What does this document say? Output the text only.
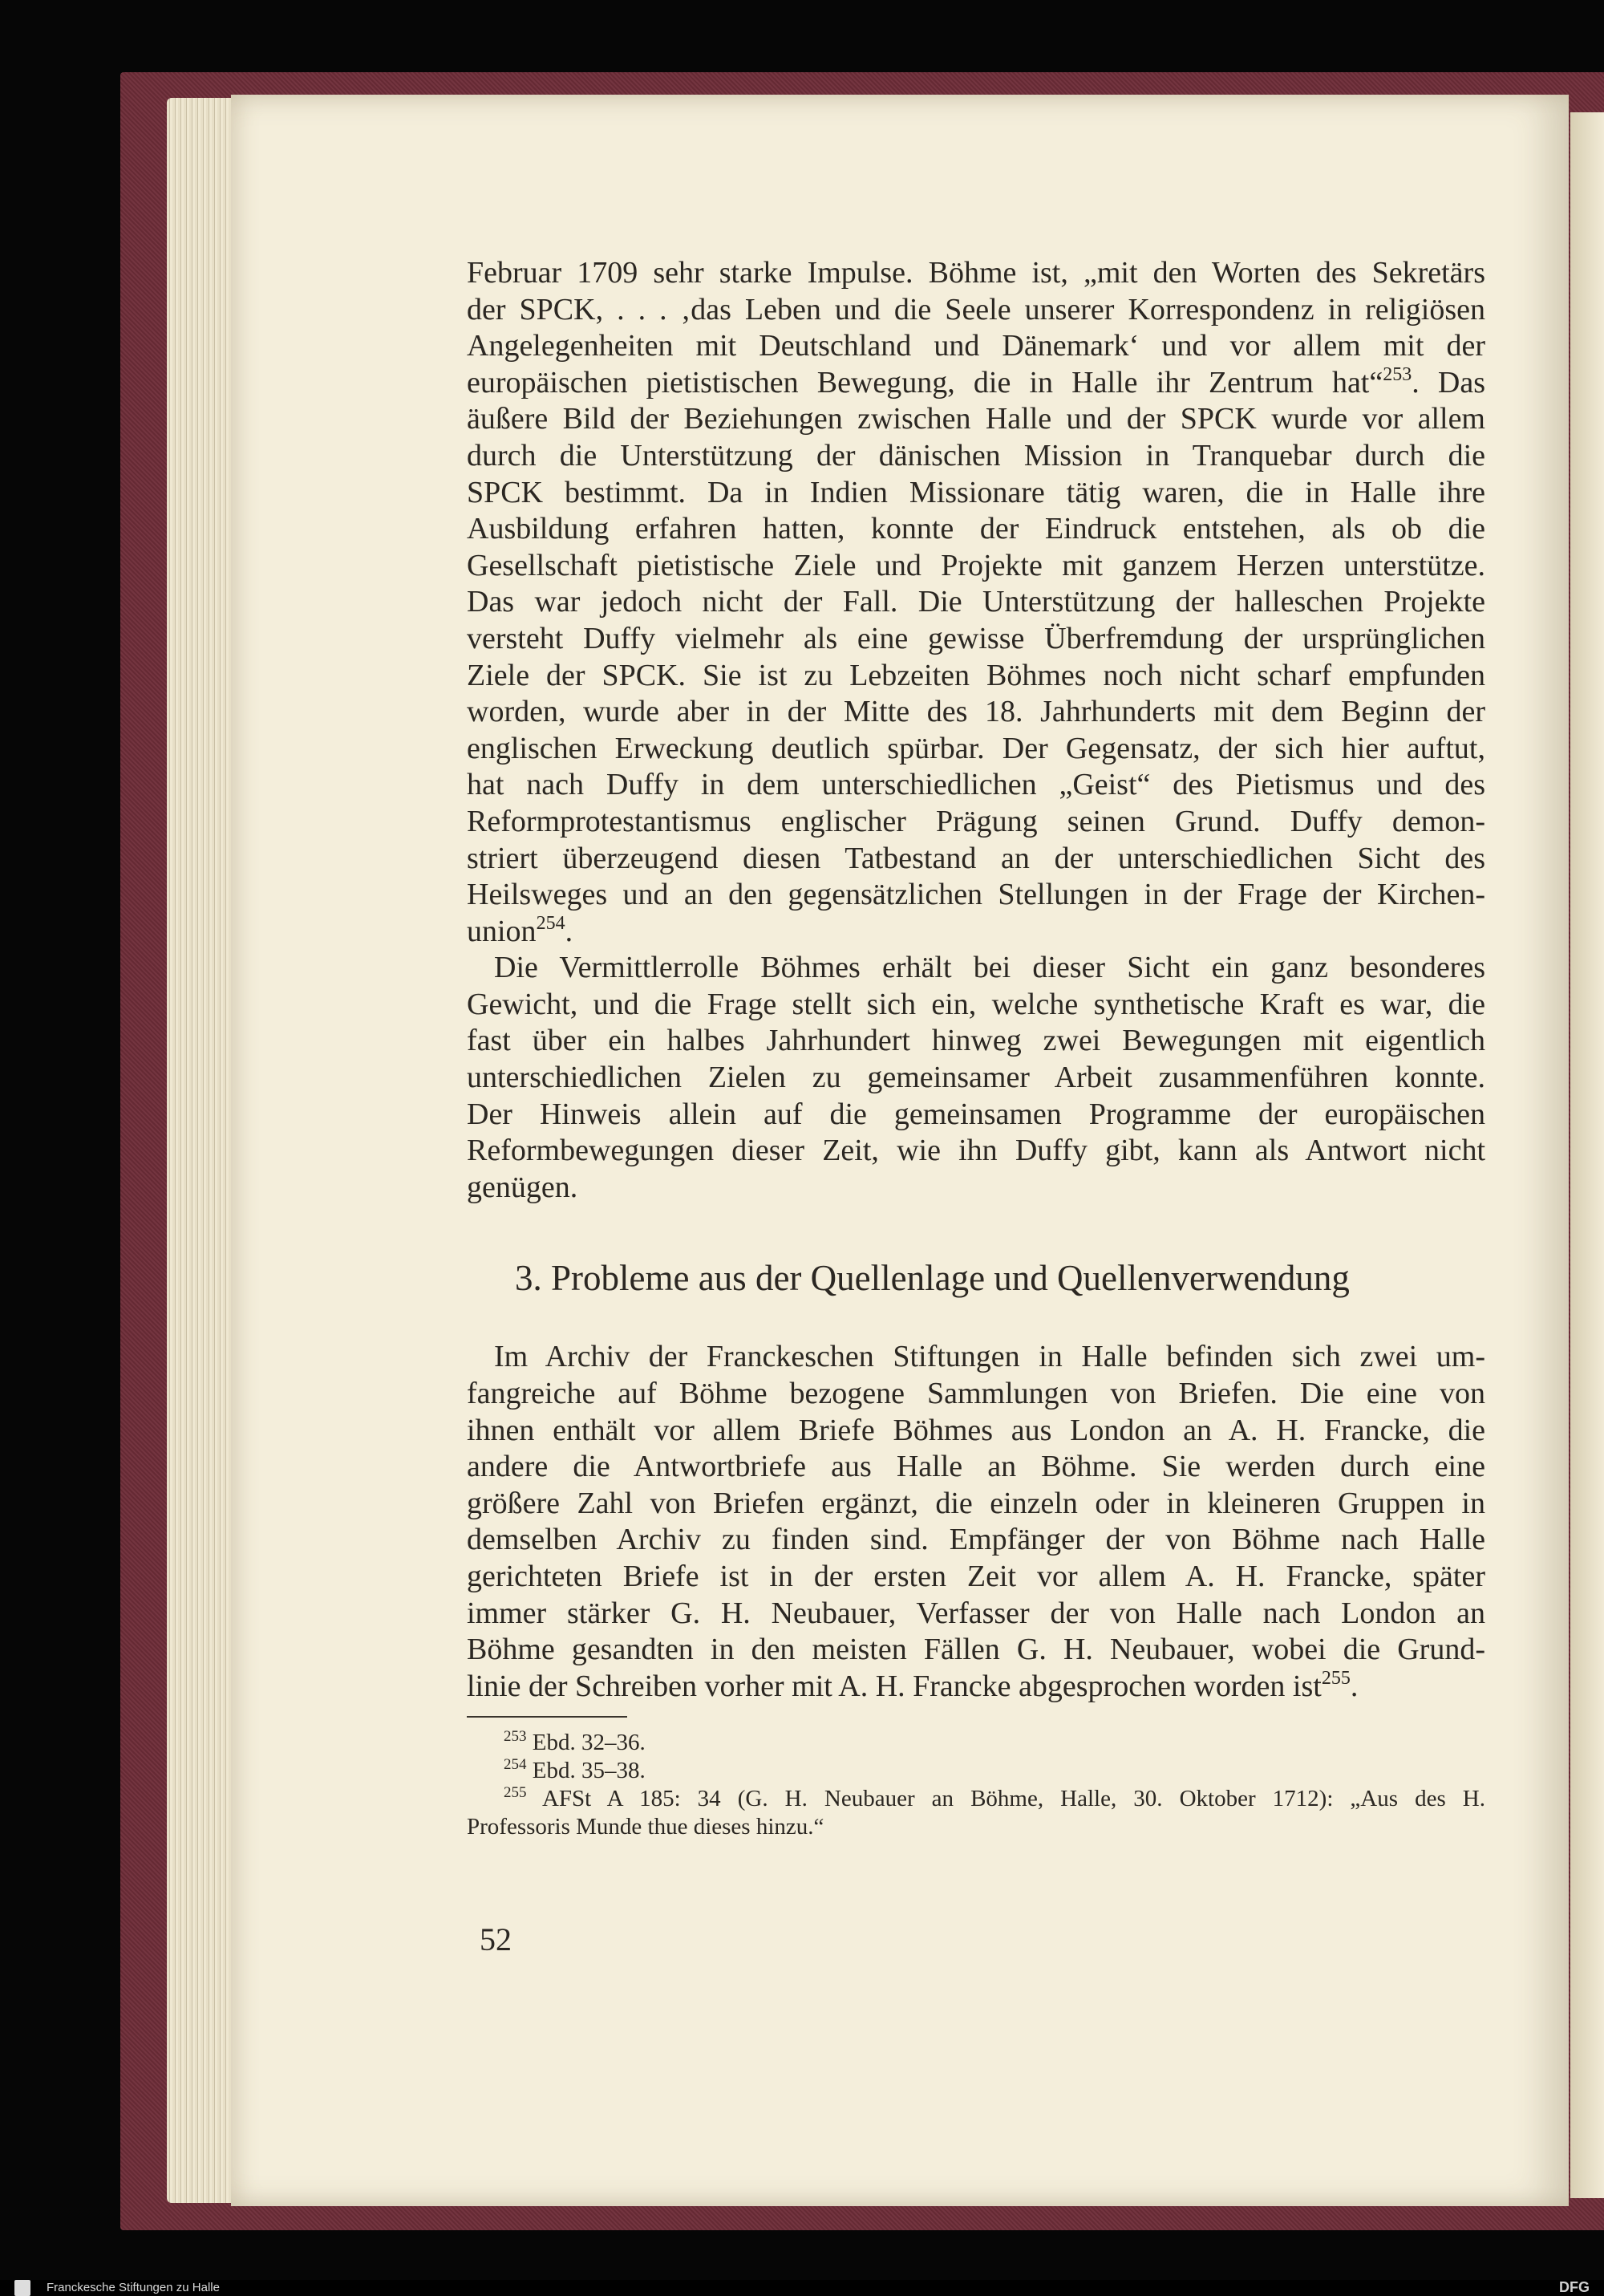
Februar 1709 sehr starke Impulse. Böhme ist, „mit den Worten des Sekretärs
der SPCK, . . . ‚das Leben und die Seele unserer Korrespondenz in religiösen
Angelegenheiten mit Deutschland und Dänemark‘ und vor allem mit der
europäischen pietistischen Bewegung, die in Halle ihr Zentrum hat“$^{253}$. Das
äußere Bild der Beziehungen zwischen Halle und der SPCK wurde vor allem
durch die Unterstützung der dänischen Mission in Tranquebar durch die
SPCK bestimmt. Da in Indien Missionare tätig waren, die in Halle ihre
Ausbildung erfahren hatten, konnte der Eindruck entstehen, als ob die
Gesellschaft pietistische Ziele und Projekte mit ganzem Herzen unterstütze.
Das war jedoch nicht der Fall. Die Unterstützung der halleschen Projekte
versteht Duffy vielmehr als eine gewisse Überfremdung der ursprünglichen
Ziele der SPCK. Sie ist zu Lebzeiten Böhmes noch nicht scharf empfunden
worden, wurde aber in der Mitte des 18. Jahrhunderts mit dem Beginn der
englischen Erweckung deutlich spürbar. Der Gegensatz, der sich hier auftut,
hat nach Duffy in dem unterschiedlichen „Geist“ des Pietismus und des
Reformprotestantismus englischer Prägung seinen Grund. Duffy demon-
striert überzeugend diesen Tatbestand an der unterschiedlichen Sicht des
Heilsweges und an den gegensätzlichen Stellungen in der Frage der Kirchen-
union$^{254}$.
Die Vermittlerrolle Böhmes erhält bei dieser Sicht ein ganz besonderes
Gewicht, und die Frage stellt sich ein, welche synthetische Kraft es war, die
fast über ein halbes Jahrhundert hinweg zwei Bewegungen mit eigentlich
unterschiedlichen Zielen zu gemeinsamer Arbeit zusammenführen konnte.
Der Hinweis allein auf die gemeinsamen Programme der europäischen
Reformbewegungen dieser Zeit, wie ihn Duffy gibt, kann als Antwort nicht
genügen.
3. Probleme aus der Quellenlage und Quellenverwendung
Im Archiv der Franckeschen Stiftungen in Halle befinden sich zwei um-
fangreiche auf Böhme bezogene Sammlungen von Briefen. Die eine von
ihnen enthält vor allem Briefe Böhmes aus London an A. H. Francke, die
andere die Antwortbriefe aus Halle an Böhme. Sie werden durch eine
größere Zahl von Briefen ergänzt, die einzeln oder in kleineren Gruppen in
demselben Archiv zu finden sind. Empfänger der von Böhme nach Halle
gerichteten Briefe ist in der ersten Zeit vor allem A. H. Francke, später
immer stärker G. H. Neubauer, Verfasser der von Halle nach London an
Böhme gesandten in den meisten Fällen G. H. Neubauer, wobei die Grund-
linie der Schreiben vorher mit A. H. Francke abgesprochen worden ist$^{255}$.
$^{253}$ Ebd. 32–36.
$^{254}$ Ebd. 35–38.
$^{255}$ AFSt A 185: 34 (G. H. Neubauer an Böhme, Halle, 30. Oktober 1712): „Aus des H.
Professoris Munde thue dieses hinzu.“
52
Franckesche Stiftungen zu Halle	DFG
